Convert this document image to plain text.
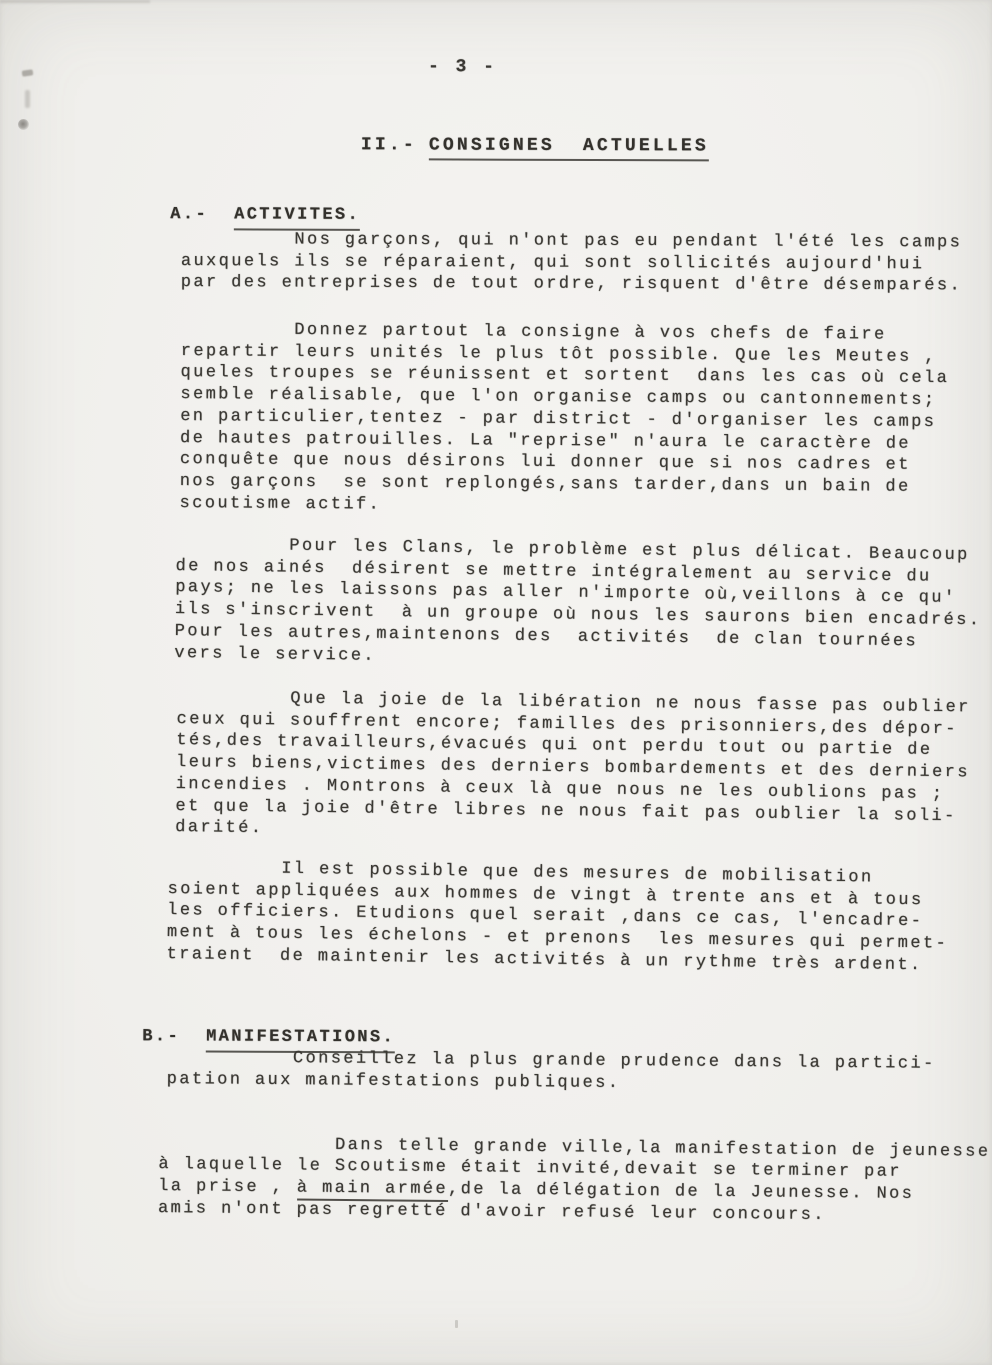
- 3 -

II.- CONSIGNES  ACTUELLES

A.- ACTIVITES.

Nos garçons, qui n'ont pas eu pendant l'été les camps
auxquels ils se réparaient, qui sont sollicités aujourd'hui
par des entreprises de tout ordre, risquent d'être désemparés.
Donnez partout la consigne à vos chefs de faire
repartir leurs unités le plus tôt possible. Que les Meutes ,
queles troupes se réunissent et sortent  dans les cas où cela
semble réalisable, que l'on organise camps ou cantonnements;
en particulier,tentez - par district - d'organiser les camps
de hautes patrouilles. La "reprise" n'aura le caractère de
conquête que nous désirons lui donner que si nos cadres et
nos garçons  se sont replongés,sans tarder,dans un bain de
scoutisme actif.
Pour les Clans, le problème est plus délicat. Beaucoup
de nos ainés  désirent se mettre intégralement au service du
pays; ne les laissons pas aller n'importe où,veillons à ce qu'
ils s'inscrivent  à un groupe où nous les saurons bien encadrés.
Pour les autres,maintenons des  activités  de clan tournées
vers le service.
Que la joie de la libération ne nous fasse pas oublier
ceux qui souffrent encore; familles des prisonniers,des dépor-
tés,des travailleurs,évacués qui ont perdu tout ou partie de
leurs biens,victimes des derniers bombardements et des derniers
incendies . Montrons à ceux là que nous ne les oublions pas ;
et que la joie d'être libres ne nous fait pas oublier la soli-
darité.
Il est possible que des mesures de mobilisation
soient appliquées aux hommes de vingt à trente ans et à tous
les officiers. Etudions quel serait ,dans ce cas, l'encadre-
ment à tous les échelons - et prenons  les mesures qui permet-
traient  de maintenir les activités à un rythme très ardent.

B.- MANIFESTATIONS.

Conseillez la plus grande prudence dans la partici-
pation aux manifestations publiques.

Dans telle grande ville,la manifestation de jeunesse
à laquelle le Scoutisme était invité,devait se terminer par
la prise , à main armée,de la délégation de la Jeunesse. Nos
amis n'ont pas regretté d'avoir refusé leur concours.
